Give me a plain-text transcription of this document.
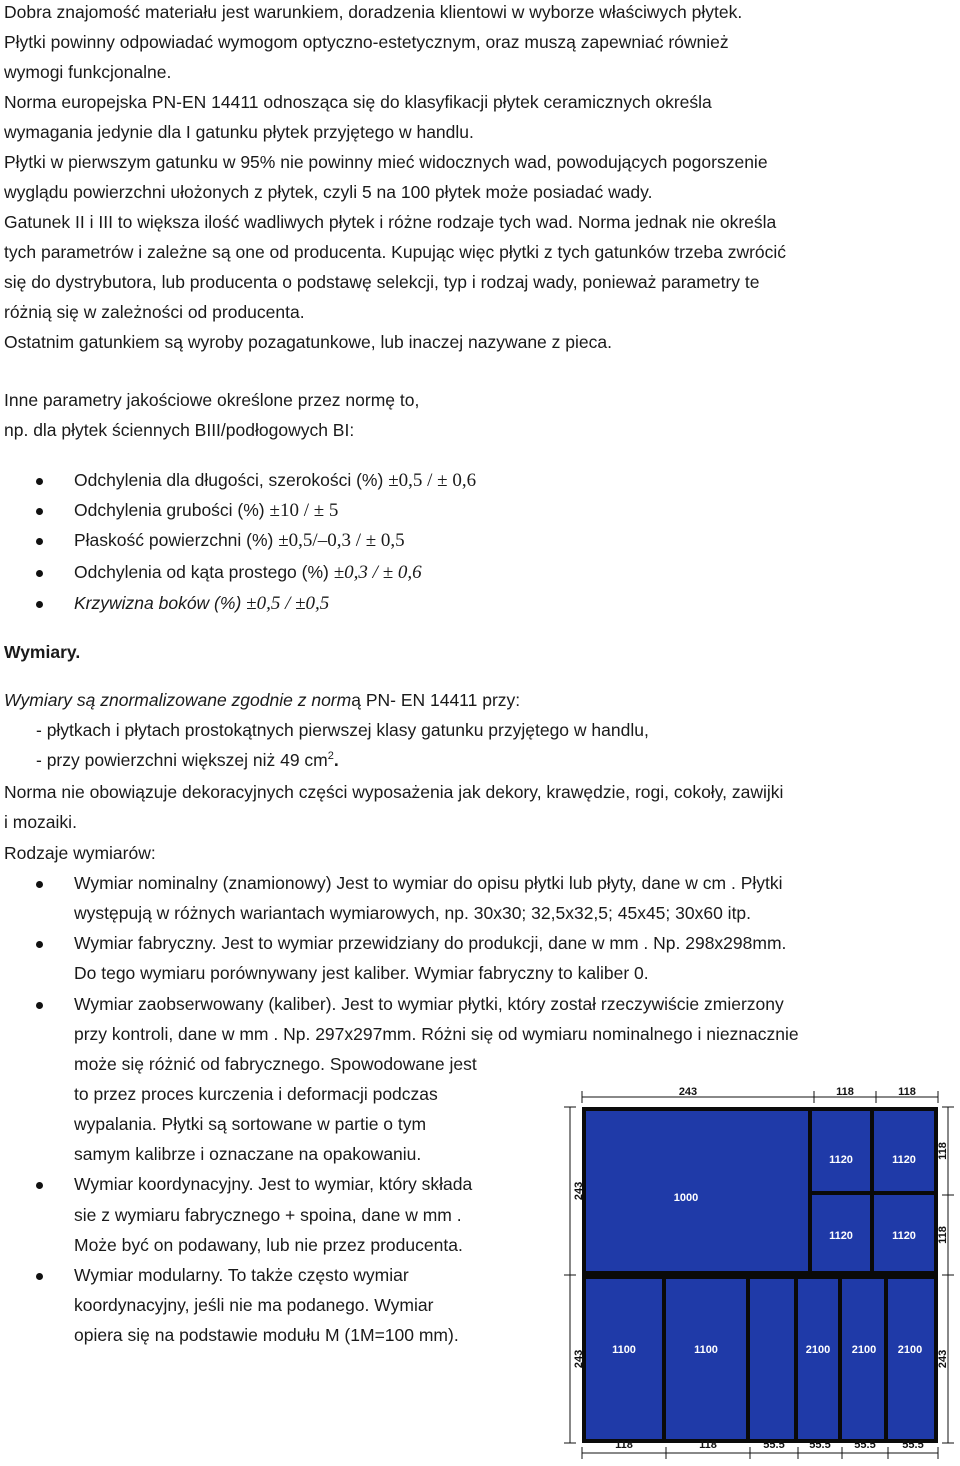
Dobra znajomość materiału jest warunkiem, doradzenia klientowi w wyborze właściwych płytek.
Płytki powinny odpowiadać wymogom optyczno-estetycznym, oraz muszą zapewniać również
wymogi funkcjonalne.
Norma europejska PN-EN 14411 odnosząca się do klasyfikacji płytek ceramicznych określa
wymagania jedynie dla I gatunku płytek przyjętego w handlu.
Płytki w pierwszym gatunku w 95% nie powinny mieć widocznych wad, powodujących pogorszenie
wyglądu powierzchni ułożonych z płytek, czyli 5 na 100 płytek może posiadać wady.
Gatunek II i III to większa ilość wadliwych płytek i różne rodzaje tych wad. Norma jednak nie określa
tych parametrów i zależne są one od producenta. Kupując więc płytki z tych gatunków trzeba zwrócić
się do dystrybutora, lub producenta o podstawę selekcji, typ i rodzaj wady, ponieważ parametry te
różnią się w zależności od producenta.
Ostatnim gatunkiem są wyroby pozagatunkowe, lub inaczej nazywane z pieca.
Inne parametry jakościowe określone przez normę to,
np. dla płytek ściennych BIII/podłogowych BI:
Odchylenia dla długości, szerokości (%) ±0,5 / ± 0,6
Odchylenia grubości (%) ±10 / ± 5
Płaskość powierzchni (%) ±0,5/–0,3 / ± 0,5
Odchylenia od kąta prostego (%) ±0,3 / ± 0,6
Krzywizna boków (%) ±0,5 / ±0,5
Wymiary.
Wymiary są znormalizowane zgodnie z normą PN- EN 14411 przy:
- płytkach i płytach prostokątnych pierwszej klasy gatunku przyjętego w handlu,
- przy powierzchni większej niż 49 $cm^2$.
Norma nie obowiązuje dekoracyjnych części wyposażenia jak dekory, krawędzie, rogi, cokoły, zawijki
i mozaiki.
Rodzaje wymiarów:
Wymiar nominalny (znamionowy) Jest to wymiar do opisu płytki lub płyty, dane w cm . Płytki
występują w różnych wariantach wymiarowych, np. 30x30; 32,5x32,5; 45x45; 30x60 itp.
Wymiar fabryczny. Jest to wymiar przewidziany do produkcji, dane w mm . Np. 298x298mm.
Do tego wymiaru porównywany jest kaliber. Wymiar fabryczny to kaliber 0.
Wymiar zaobserwowany (kaliber). Jest to wymiar płytki, który został rzeczywiście zmierzony
przy kontroli, dane w mm . Np. 297x297mm. Różni się od wymiaru nominalnego i nieznacznie
może się różnić od fabrycznego. Spowodowane jest
to przez proces kurczenia i deformacji podczas
wypalania. Płytki są sortowane w partie o tym
samym kalibrze i oznaczane na opakowaniu.
Wymiar koordynacyjny. Jest to wymiar, który składa
sie z wymiaru fabrycznego + spoina, dane w mm .
Może być on podawany, lub nie przez producenta.
Wymiar modularny. To także często wymiar
koordynacyjny, jeśli nie ma podanego. Wymiar
opiera się na podstawie modułu M (1M=100 mm).
1000
1120	1120
1120	1120
1100	1100	2100 2100 2100
243	118	118
118	118	55.5 55.5 55.5 55.5
243
243
118
118
243
